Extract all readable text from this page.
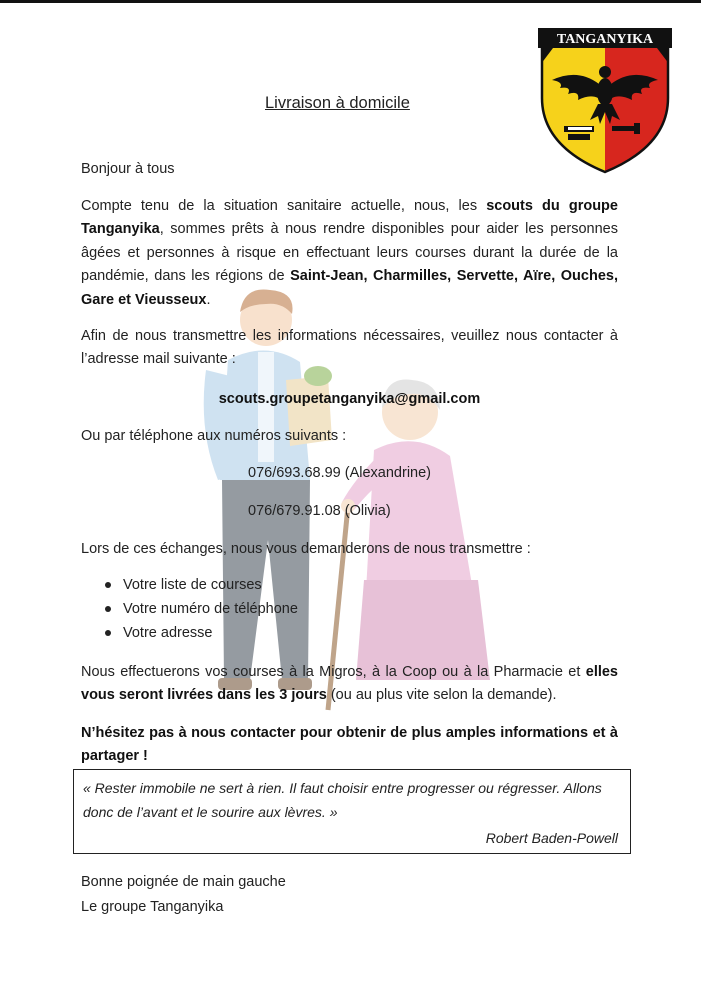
TANGANYIKA
Livraison à domicile

Bonjour à tous

Compte tenu de la situation sanitaire actuelle, nous, les scouts du groupe Tanganyika, sommes prêts à nous rendre disponibles pour aider les personnes âgées et personnes à risque en effectuant leurs courses durant la durée de la pandémie, dans les régions de Saint-Jean, Charmilles, Servette, Aïre, Ouches, Gare et Vieusseux.

Afin de nous transmettre les informations nécessaires, veuillez nous contacter à l’adresse mail suivante :

scouts.groupetanganyika@gmail.com

Ou par téléphone aux numéros suivants :

076/693.68.99 (Alexandrine)

076/679.91.08 (Olivia)

Lors de ces échanges, nous vous demanderons de nous transmettre :

Votre liste de courses
Votre numéro de téléphone
Votre adresse

Nous effectuerons vos courses à la Migros, à la Coop ou à la Pharmacie et elles vous seront livrées dans les 3 jours (ou au plus vite selon la demande).

N’hésitez pas à nous contacter pour obtenir de plus amples informations et à partager !

Bonne poignée de main gauche

Le groupe Tanganyika

« Rester immobile ne sert à rien. Il faut choisir entre progresser ou régresser. Allons donc de l’avant et le sourire aux lèvres. »
Robert Baden-Powell
